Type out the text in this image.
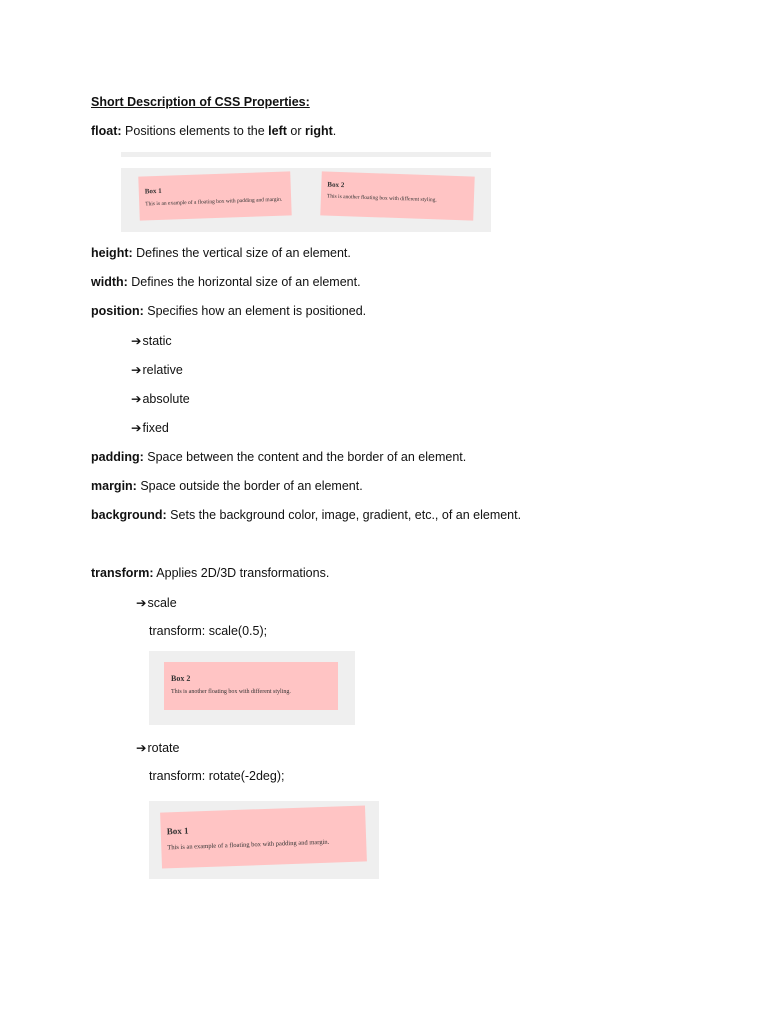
Short Description of CSS Properties:
float: Positions elements to the left or right.
Box 1
This is an example of a floating box with padding and margin.
Box 2
This is another floating box with different styling.
height: Defines the vertical size of an element.
width: Defines the horizontal size of an element.
position: Specifies how an element is positioned.
➔static
➔relative
➔absolute
➔fixed
padding: Space between the content and the border of an element.
margin: Space outside the border of an element.
background: Sets the background color, image, gradient, etc., of an element.
transform: Applies 2D/3D transformations.
➔scale
transform: scale(0.5);
Box 2
This is another floating box with different styling.
➔rotate
transform: rotate(-2deg);
Box 1
This is an example of a floating box with padding and margin.
